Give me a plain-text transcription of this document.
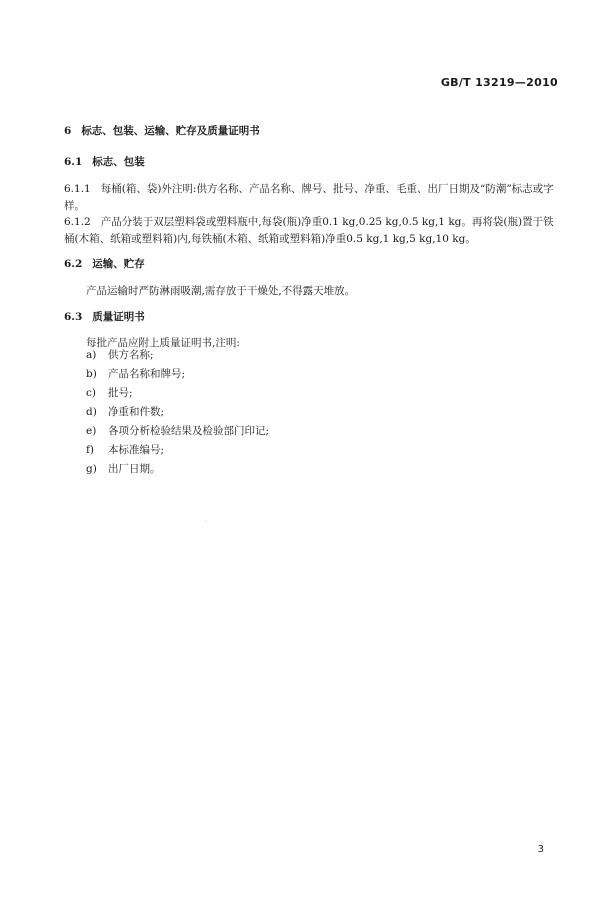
GB/T 13219—2010
6 标志、包装、运输、贮存及质量证明书
6.1 标志、包装
6.1.1 每桶(箱、袋)外注明:供方名称、产品名称、牌号、批号、净重、毛重、出厂日期及“防潮”标志或字样。
6.1.2 产品分装于双层塑料袋或塑料瓶中,每袋(瓶)净重0.1 kg,0.25 kg,0.5 kg,1 kg。再将袋(瓶)置于铁桶(木箱、纸箱或塑料箱)内,每铁桶(木箱、纸箱或塑料箱)净重0.5 kg,1 kg,5 kg,10 kg。
6.2 运输、贮存
产品运输时严防淋雨吸潮,需存放于干燥处,不得露天堆放。
6.3 质量证明书
每批产品应附上质量证明书,注明:
a) 供方名称;
b) 产品名称和牌号;
c) 批号;
d) 净重和件数;
e) 各项分析检验结果及检验部门印记;
f) 本标准编号;
g) 出厂日期。
3
